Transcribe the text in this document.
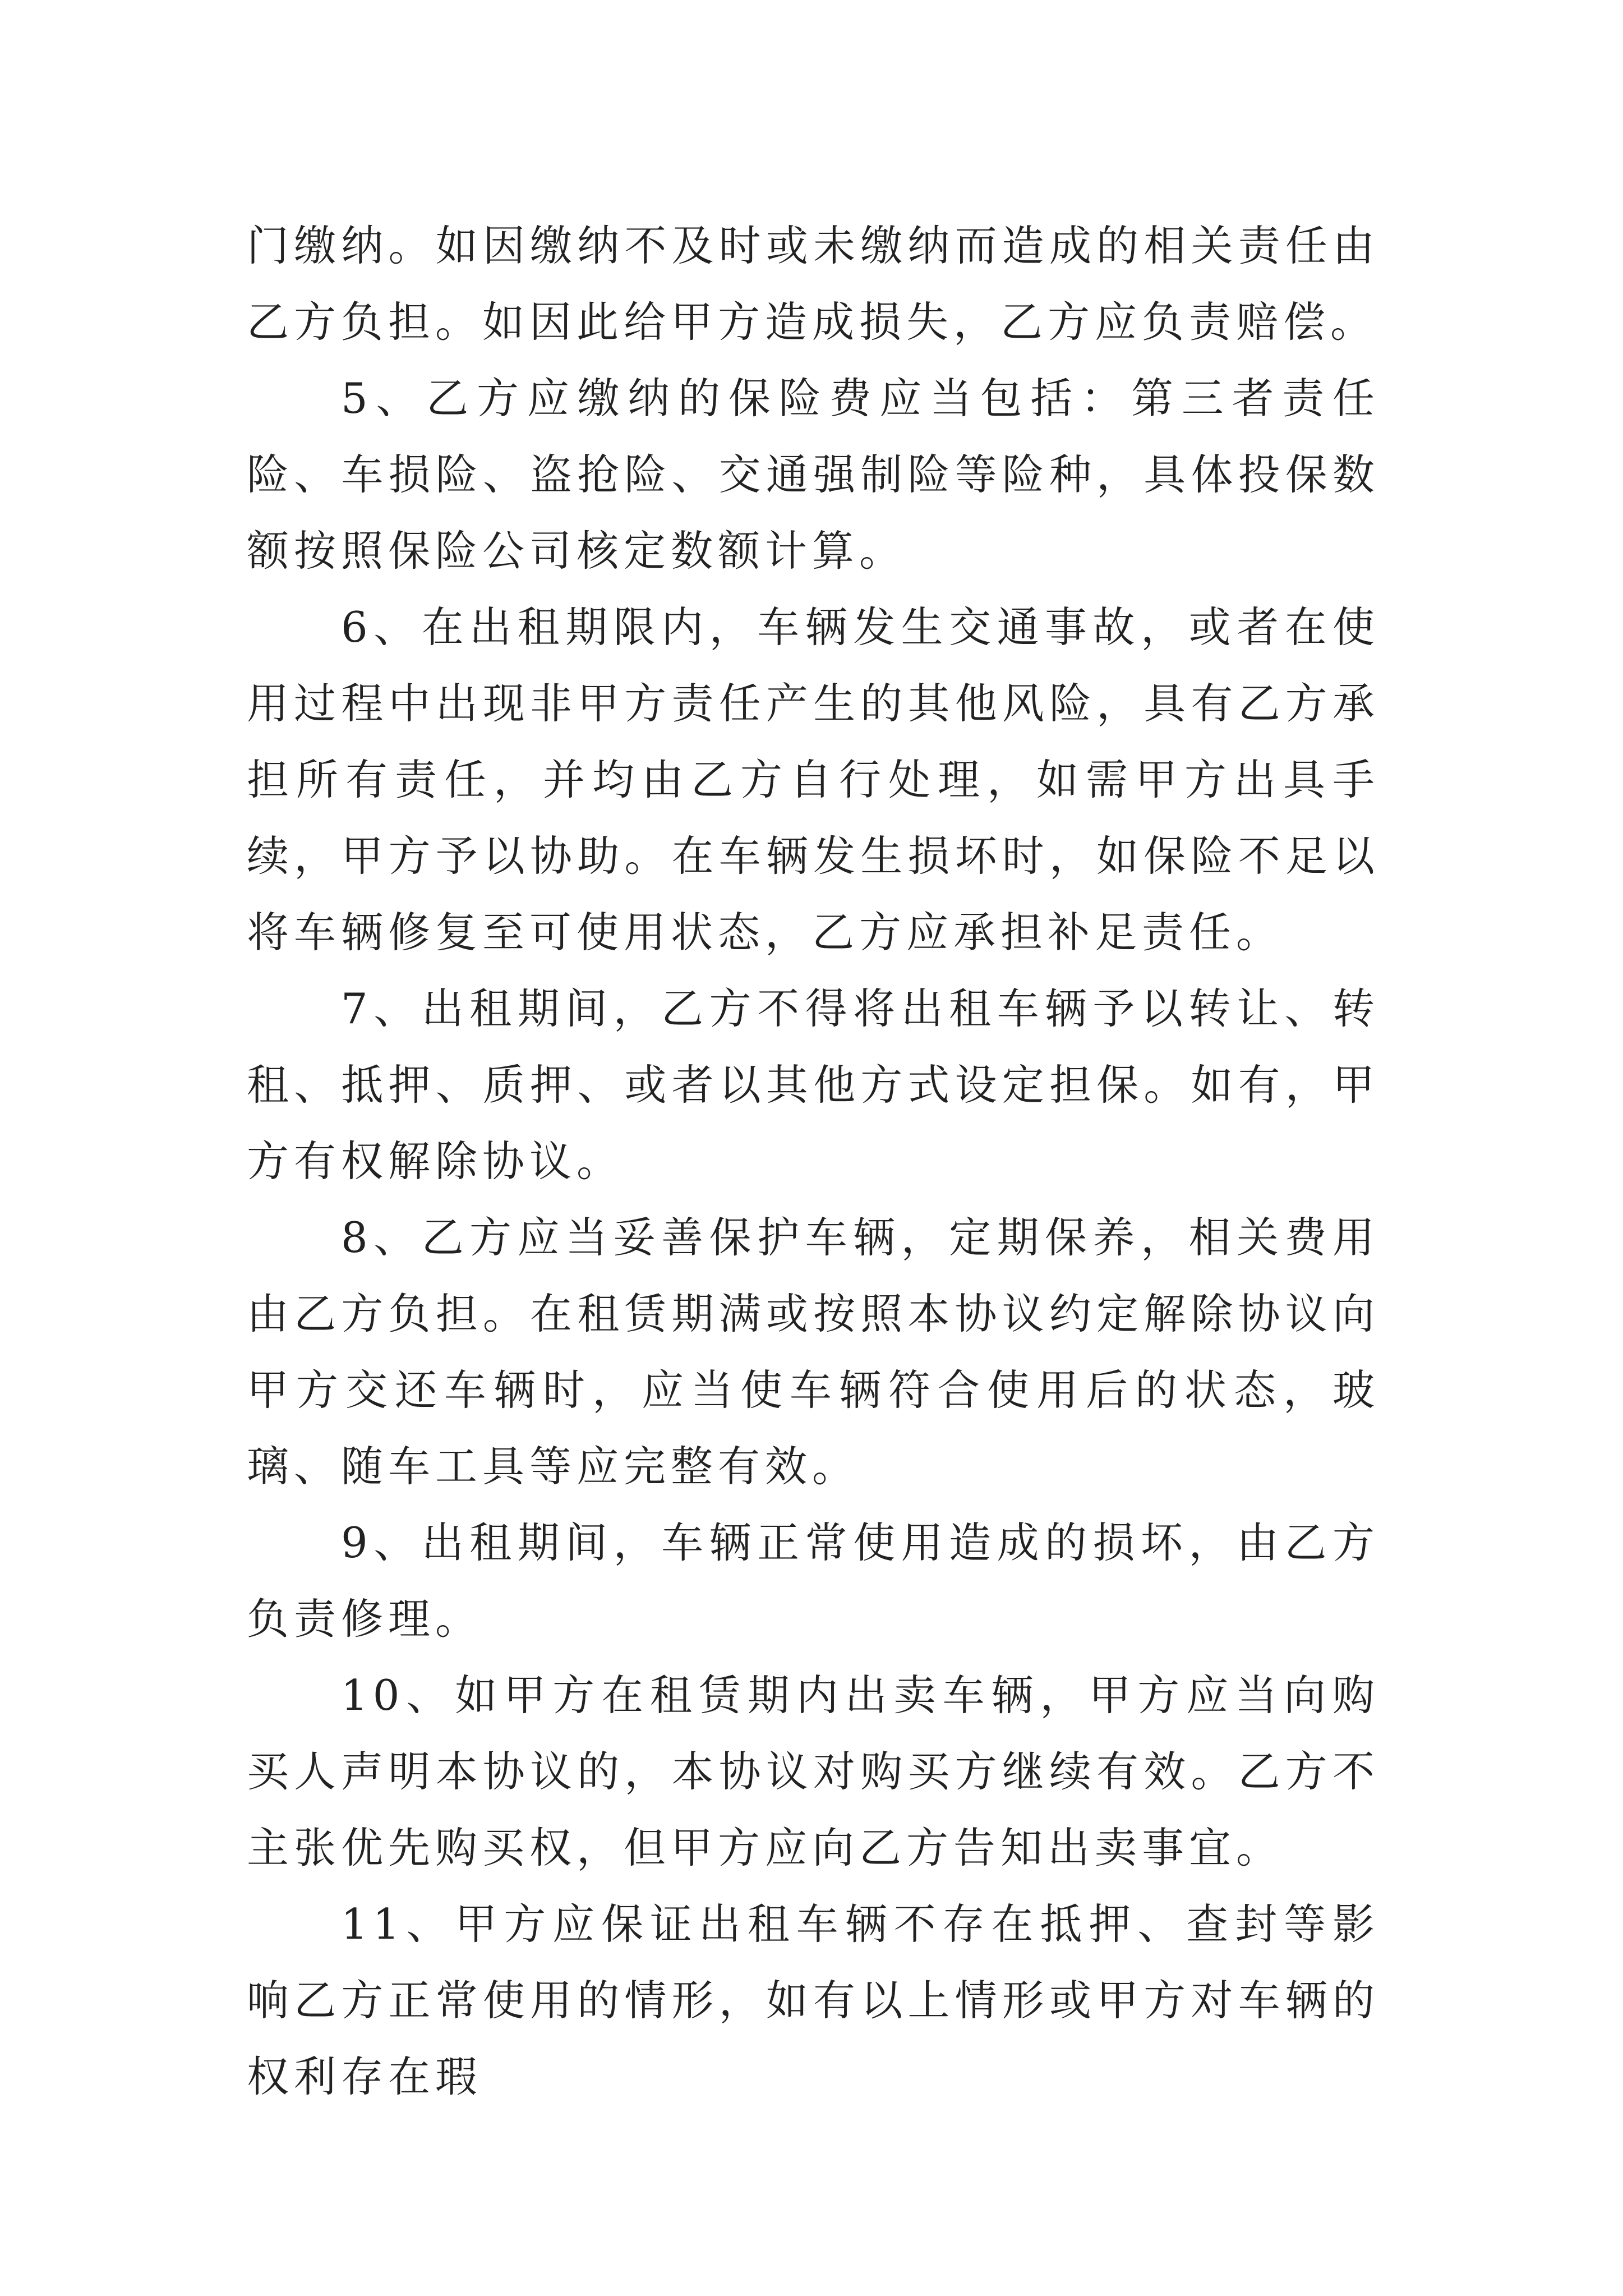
门缴纳。如因缴纳不及时或未缴纳而造成的相关责任由乙方负担。如因此给甲方造成损失，乙方应负责赔偿。

5、乙方应缴纳的保险费应当包括：第三者责任险、车损险、盗抢险、交通强制险等险种，具体投保数额按照保险公司核定数额计算。

6、在出租期限内，车辆发生交通事故，或者在使用过程中出现非甲方责任产生的其他风险，具有乙方承担所有责任，并均由乙方自行处理，如需甲方出具手续，甲方予以协助。在车辆发生损坏时，如保险不足以将车辆修复至可使用状态，乙方应承担补足责任。

7、出租期间，乙方不得将出租车辆予以转让、转租、抵押、质押、或者以其他方式设定担保。如有，甲方有权解除协议。

8、乙方应当妥善保护车辆，定期保养，相关费用由乙方负担。在租赁期满或按照本协议约定解除协议向甲方交还车辆时，应当使车辆符合使用后的状态，玻璃、随车工具等应完整有效。

9、出租期间，车辆正常使用造成的损坏，由乙方负责修理。

10、如甲方在租赁期内出卖车辆，甲方应当向购买人声明本协议的，本协议对购买方继续有效。乙方不主张优先购买权，但甲方应向乙方告知出卖事宜。

11、甲方应保证出租车辆不存在抵押、查封等影响乙方正常使用的情形，如有以上情形或甲方对车辆的权利存在瑕
